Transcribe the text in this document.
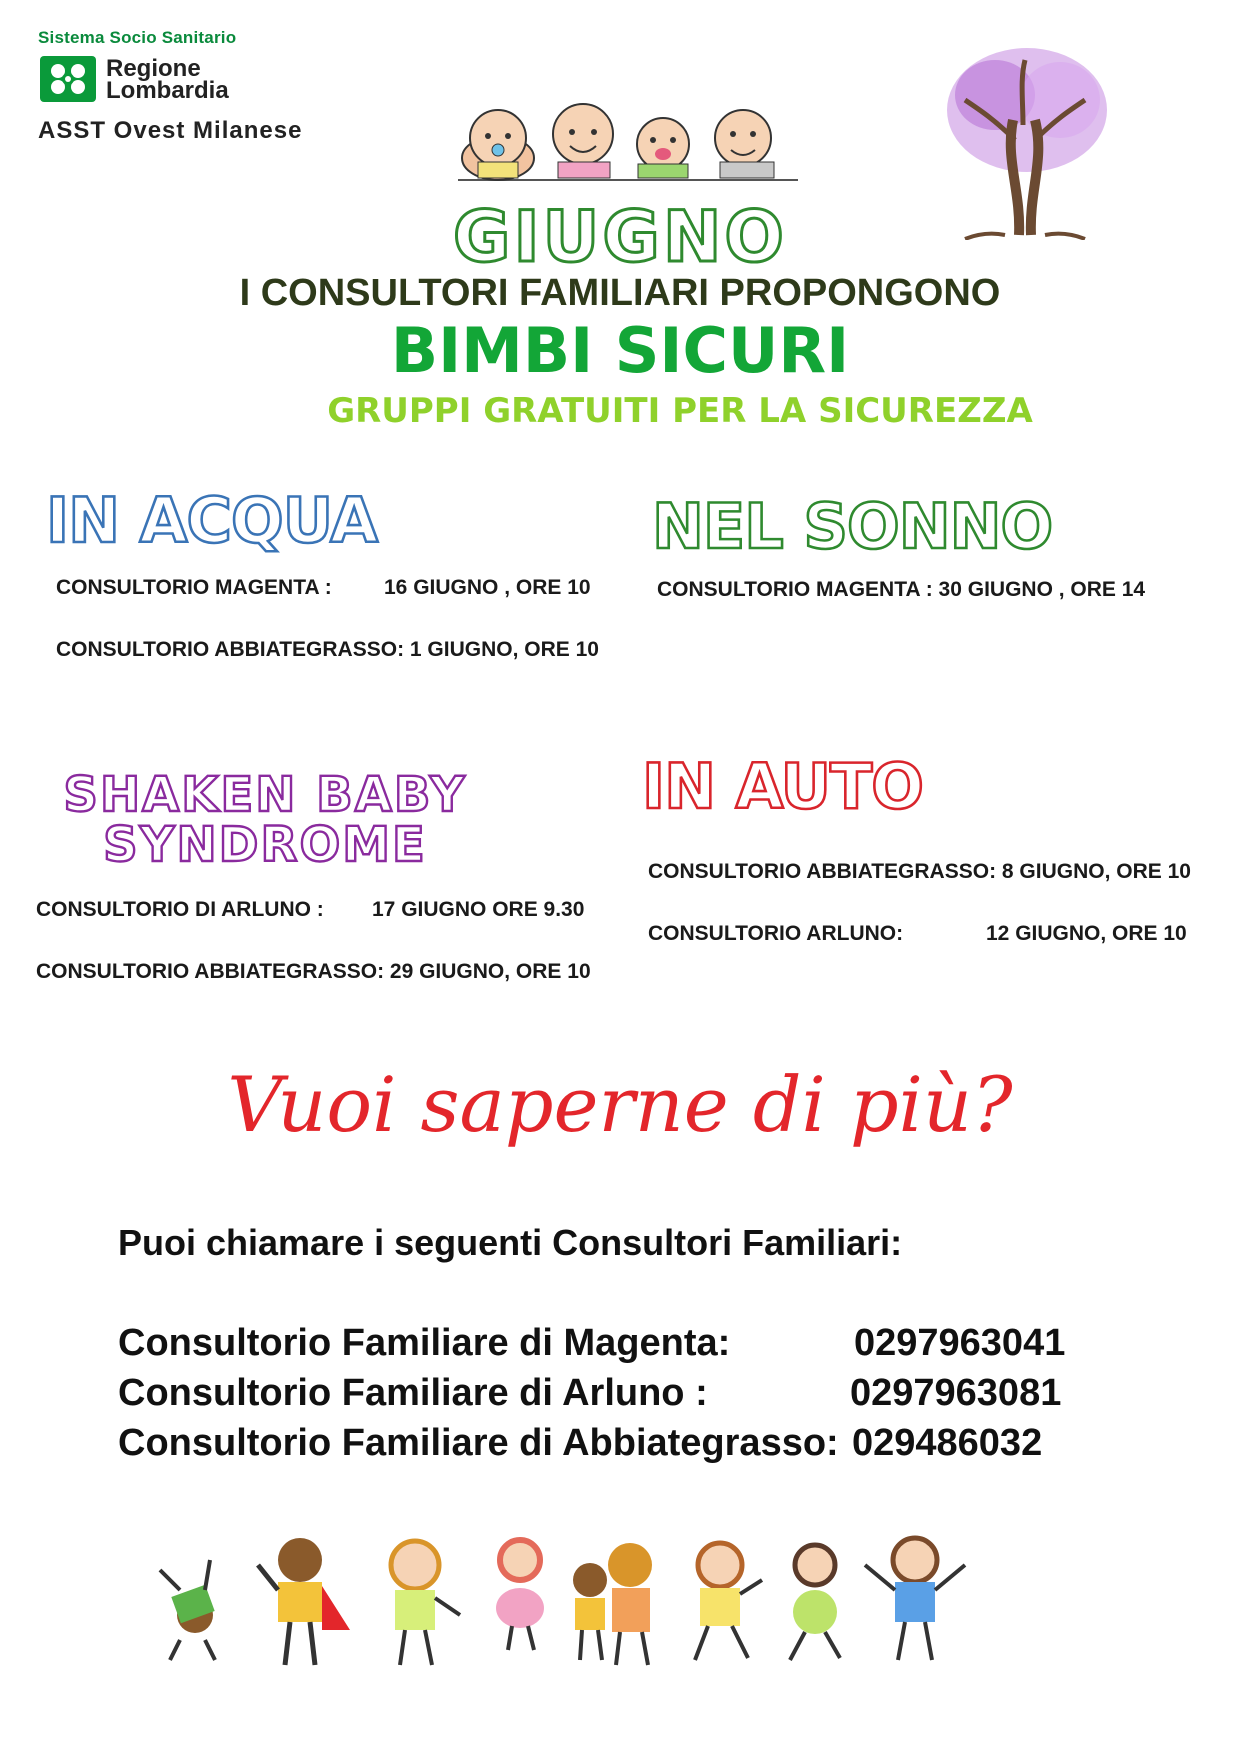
Sistema Socio Sanitario
Regione
Lombardia
ASST Ovest Milanese
GIUGNO
I CONSULTORI FAMILIARI PROPONGONO
BIMBI SICURI
GRUPPI GRATUITI PER LA SICUREZZA
IN ACQUA
CONSULTORIO MAGENTA : 16 GIUGNO , ORE 10
CONSULTORIO ABBIATEGRASSO: 1 GIUGNO, ORE 10
NEL SONNO
CONSULTORIO MAGENTA : 30 GIUGNO , ORE 14
SHAKEN BABY
SYNDROME
CONSULTORIO DI ARLUNO : 17 GIUGNO ORE 9.30
CONSULTORIO ABBIATEGRASSO: 29 GIUGNO, ORE 10
IN AUTO
CONSULTORIO ABBIATEGRASSO: 8 GIUGNO, ORE 10
CONSULTORIO ARLUNO:	12 GIUGNO, ORE 10
Vuoi saperne di più?
Puoi chiamare i seguenti Consultori Familiari:
Consultorio Familiare di Magenta:	0297963041
Consultorio Familiare di Arluno :	0297963081
Consultorio Familiare di Abbiategrasso: 029486032
